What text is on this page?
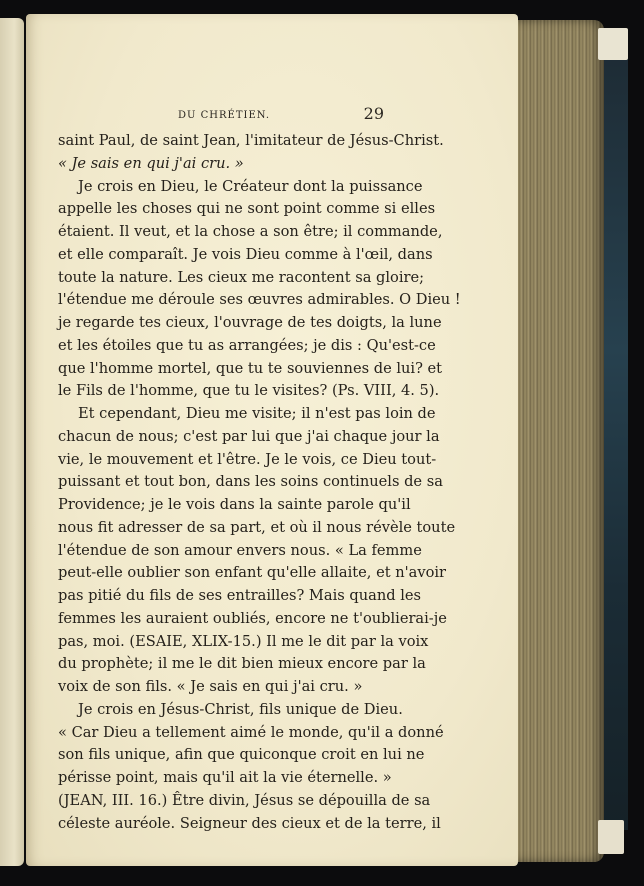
DU CHRÉTIEN.	29
saint Paul, de saint Jean, l'imitateur de Jésus-Christ.
« Je sais en qui j'ai cru. »
Je crois en Dieu, le Créateur dont la puissance
appelle les choses qui ne sont point comme si elles
étaient. Il veut, et la chose a son être; il commande,
et elle comparaît. Je vois Dieu comme à l'œil, dans
toute la nature. Les cieux me racontent sa gloire;
l'étendue me déroule ses œuvres admirables. O Dieu !
je regarde tes cieux, l'ouvrage de tes doigts, la lune
et les étoiles que tu as arrangées; je dis : Qu'est-ce
que l'homme mortel, que tu te souviennes de lui? et
le Fils de l'homme, que tu le visites? (Ps. VIII, 4. 5).
Et cependant, Dieu me visite; il n'est pas loin de
chacun de nous; c'est par lui que j'ai chaque jour la
vie, le mouvement et l'être. Je le vois, ce Dieu tout-
puissant et tout bon, dans les soins continuels de sa
Providence; je le vois dans la sainte parole qu'il
nous fit adresser de sa part, et où il nous révèle toute
l'étendue de son amour envers nous. « La femme
peut-elle oublier son enfant qu'elle allaite, et n'avoir
pas pitié du fils de ses entrailles? Mais quand les
femmes les auraient oubliés, encore ne t'oublierai-je
pas, moi. (ESAIE, XLIX-15.) Il me le dit par la voix
du prophète; il me le dit bien mieux encore par la
voix de son fils. « Je sais en qui j'ai cru. »
Je crois en Jésus-Christ, fils unique de Dieu.
« Car Dieu a tellement aimé le monde, qu'il a donné
son fils unique, afin que quiconque croit en lui ne
périsse point, mais qu'il ait la vie éternelle. »
(JEAN, III. 16.) Être divin, Jésus se dépouilla de sa
céleste auréole. Seigneur des cieux et de la terre, il
